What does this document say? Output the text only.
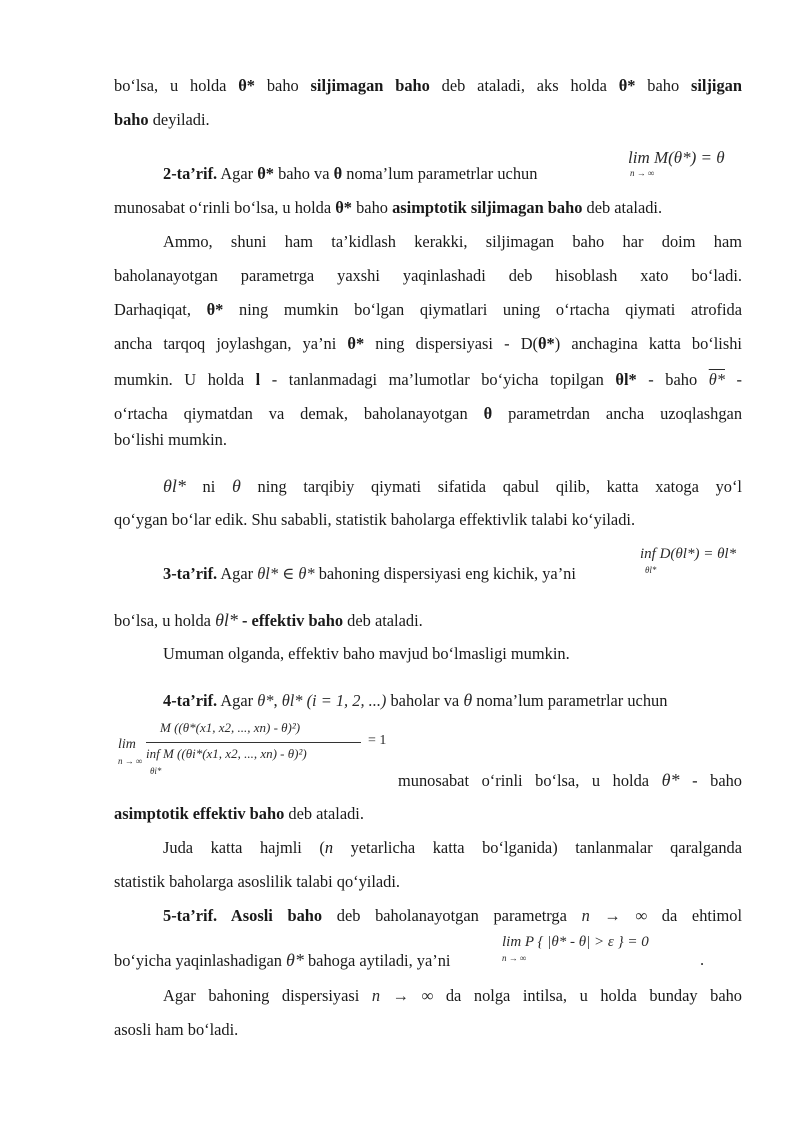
bo‘lsa, u holda θ* baho siljimagan baho deb ataladi, aks holda θ* baho siljigan
baho deyiladi.
2-ta’rif. Agar θ* baho va θ noma’lum parametrlar uchun
lim M(θ*) = θ
n → ∞
munosabat o‘rinli bo‘lsa, u holda θ* baho asimptotik siljimagan baho deb ataladi.
Ammo, shuni ham ta’kidlash kerakki, siljimagan baho har doim ham
baholanayotgan parametrga yaxshi yaqinlashadi deb hisoblash xato bo‘ladi.
Darhaqiqat, θ* ning mumkin bo‘lgan qiymatlari uning o‘rtacha qiymati atrofida
ancha tarqoq joylashgan, ya’ni θ* ning dispersiyasi - D(θ*) anchagina katta bo‘lishi
mumkin. U holda l - tanlanmadagi ma’lumotlar bo‘yicha topilgan θl* - baho θ* -
o‘rtacha qiymatdan va demak, baholanayotgan θ parametrdan ancha uzoqlashgan
bo‘lishi mumkin.
θl* ni θ ning tarqibiy qiymati sifatida qabul qilib, katta xatoga yo‘l
qo‘ygan bo‘lar edik. Shu sababli, statistik baholarga effektivlik talabi ko‘yiladi.
3-ta’rif. Agar θl* ∈ θ* bahoning dispersiyasi eng kichik, ya’ni
inf D(θl*) = θl*
θl*
bo‘lsa, u holda θl* - effektiv baho deb ataladi.
Umuman olganda, effektiv baho mavjud bo‘lmasligi mumkin.
4-ta’rif. Agar θ*, θl* (i = 1, 2, ...) baholar va θ noma’lum parametrlar uchun
lim
n → ∞
M ((θ*(x1, x2, ..., xn) - θ)²)
inf M ((θi*(x1, x2, ..., xn) - θ)²)
θi*
= 1
munosabat o‘rinli bo‘lsa, u holda θ* - baho
asimptotik effektiv baho deb ataladi.
Juda katta hajmli (n yetarlicha katta bo‘lganida) tanlanmalar qaralganda
statistik baholarga asoslilik talabi qo‘yiladi.
5-ta’rif. Asosli baho deb baholanayotgan parametrga n → ∞ da ehtimol
bo‘yicha yaqinlashadigan θ* bahoga aytiladi, ya’ni
lim P { |θ* - θ| > ε } = 0
n → ∞	.
Agar bahoning dispersiyasi n → ∞ da nolga intilsa, u holda bunday baho
asosli ham bo‘ladi.
